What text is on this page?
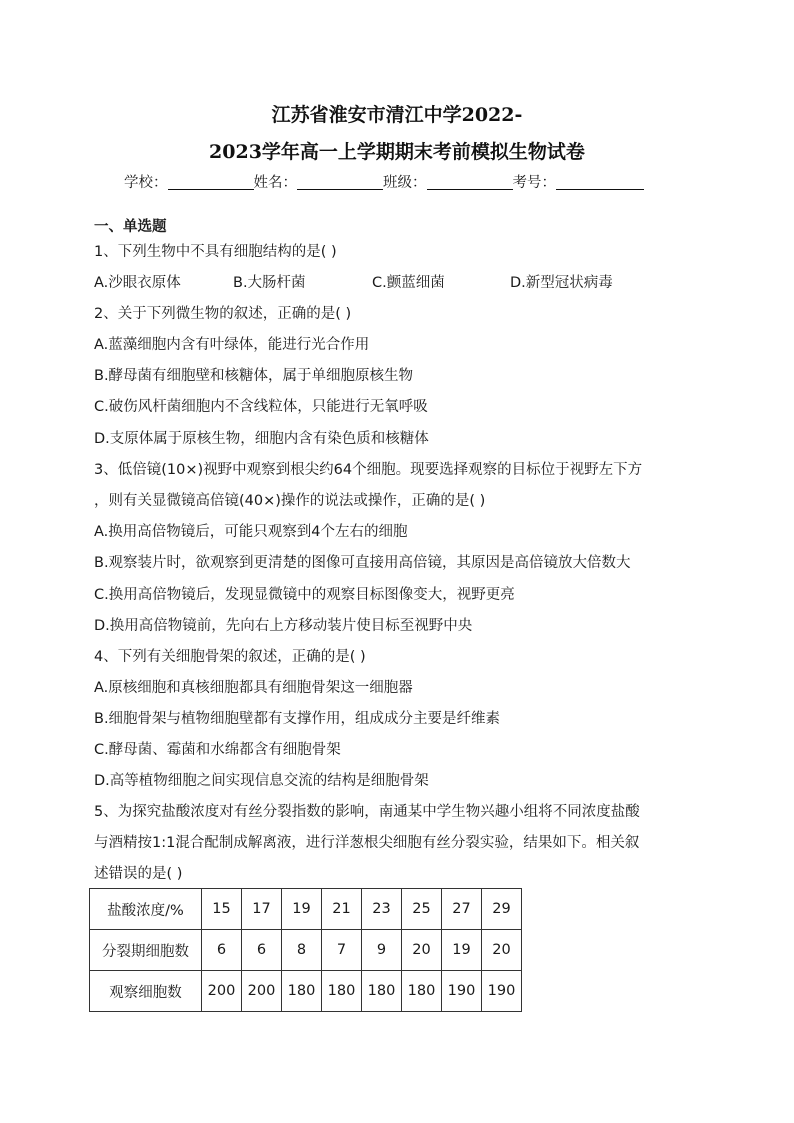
江苏省淮安市清江中学2022-
2023学年高一上学期期末考前模拟生物试卷
学校：	姓名：	班级：	考号：
一、单选题
1、下列生物中不具有细胞结构的是( )
A.沙眼衣原体	B.大肠杆菌	C.颤蓝细菌	D.新型冠状病毒
2、关于下列微生物的叙述，正确的是( )
A.蓝藻细胞内含有叶绿体，能进行光合作用
B.酵母菌有细胞壁和核糖体，属于单细胞原核生物
C.破伤风杆菌细胞内不含线粒体，只能进行无氧呼吸
D.支原体属于原核生物，细胞内含有染色质和核糖体
3、低倍镜(10×)视野中观察到根尖约64个细胞。现要选择观察的目标位于视野左下方
，则有关显微镜高倍镜(40×)操作的说法或操作，正确的是( )
A.换用高倍物镜后，可能只观察到4个左右的细胞
B.观察装片时，欲观察到更清楚的图像可直接用高倍镜，其原因是高倍镜放大倍数大
C.换用高倍物镜后，发现显微镜中的观察目标图像变大，视野更亮
D.换用高倍物镜前，先向右上方移动装片使目标至视野中央
4、下列有关细胞骨架的叙述，正确的是( )
A.原核细胞和真核细胞都具有细胞骨架这一细胞器
B.细胞骨架与植物细胞壁都有支撑作用，组成成分主要是纤维素
C.酵母菌、霉菌和水绵都含有细胞骨架
D.高等植物细胞之间实现信息交流的结构是细胞骨架
5、为探究盐酸浓度对有丝分裂指数的影响，南通某中学生物兴趣小组将不同浓度盐酸
与酒精按1:1混合配制成解离液，进行洋葱根尖细胞有丝分裂实验，结果如下。相关叙
述错误的是( )
盐酸浓度/%	15	17	19	21	23	25	27	29
分裂期细胞数	6	6	8	7	9	20	19	20
观察细胞数	200	200	180	180	180	180	190	190
